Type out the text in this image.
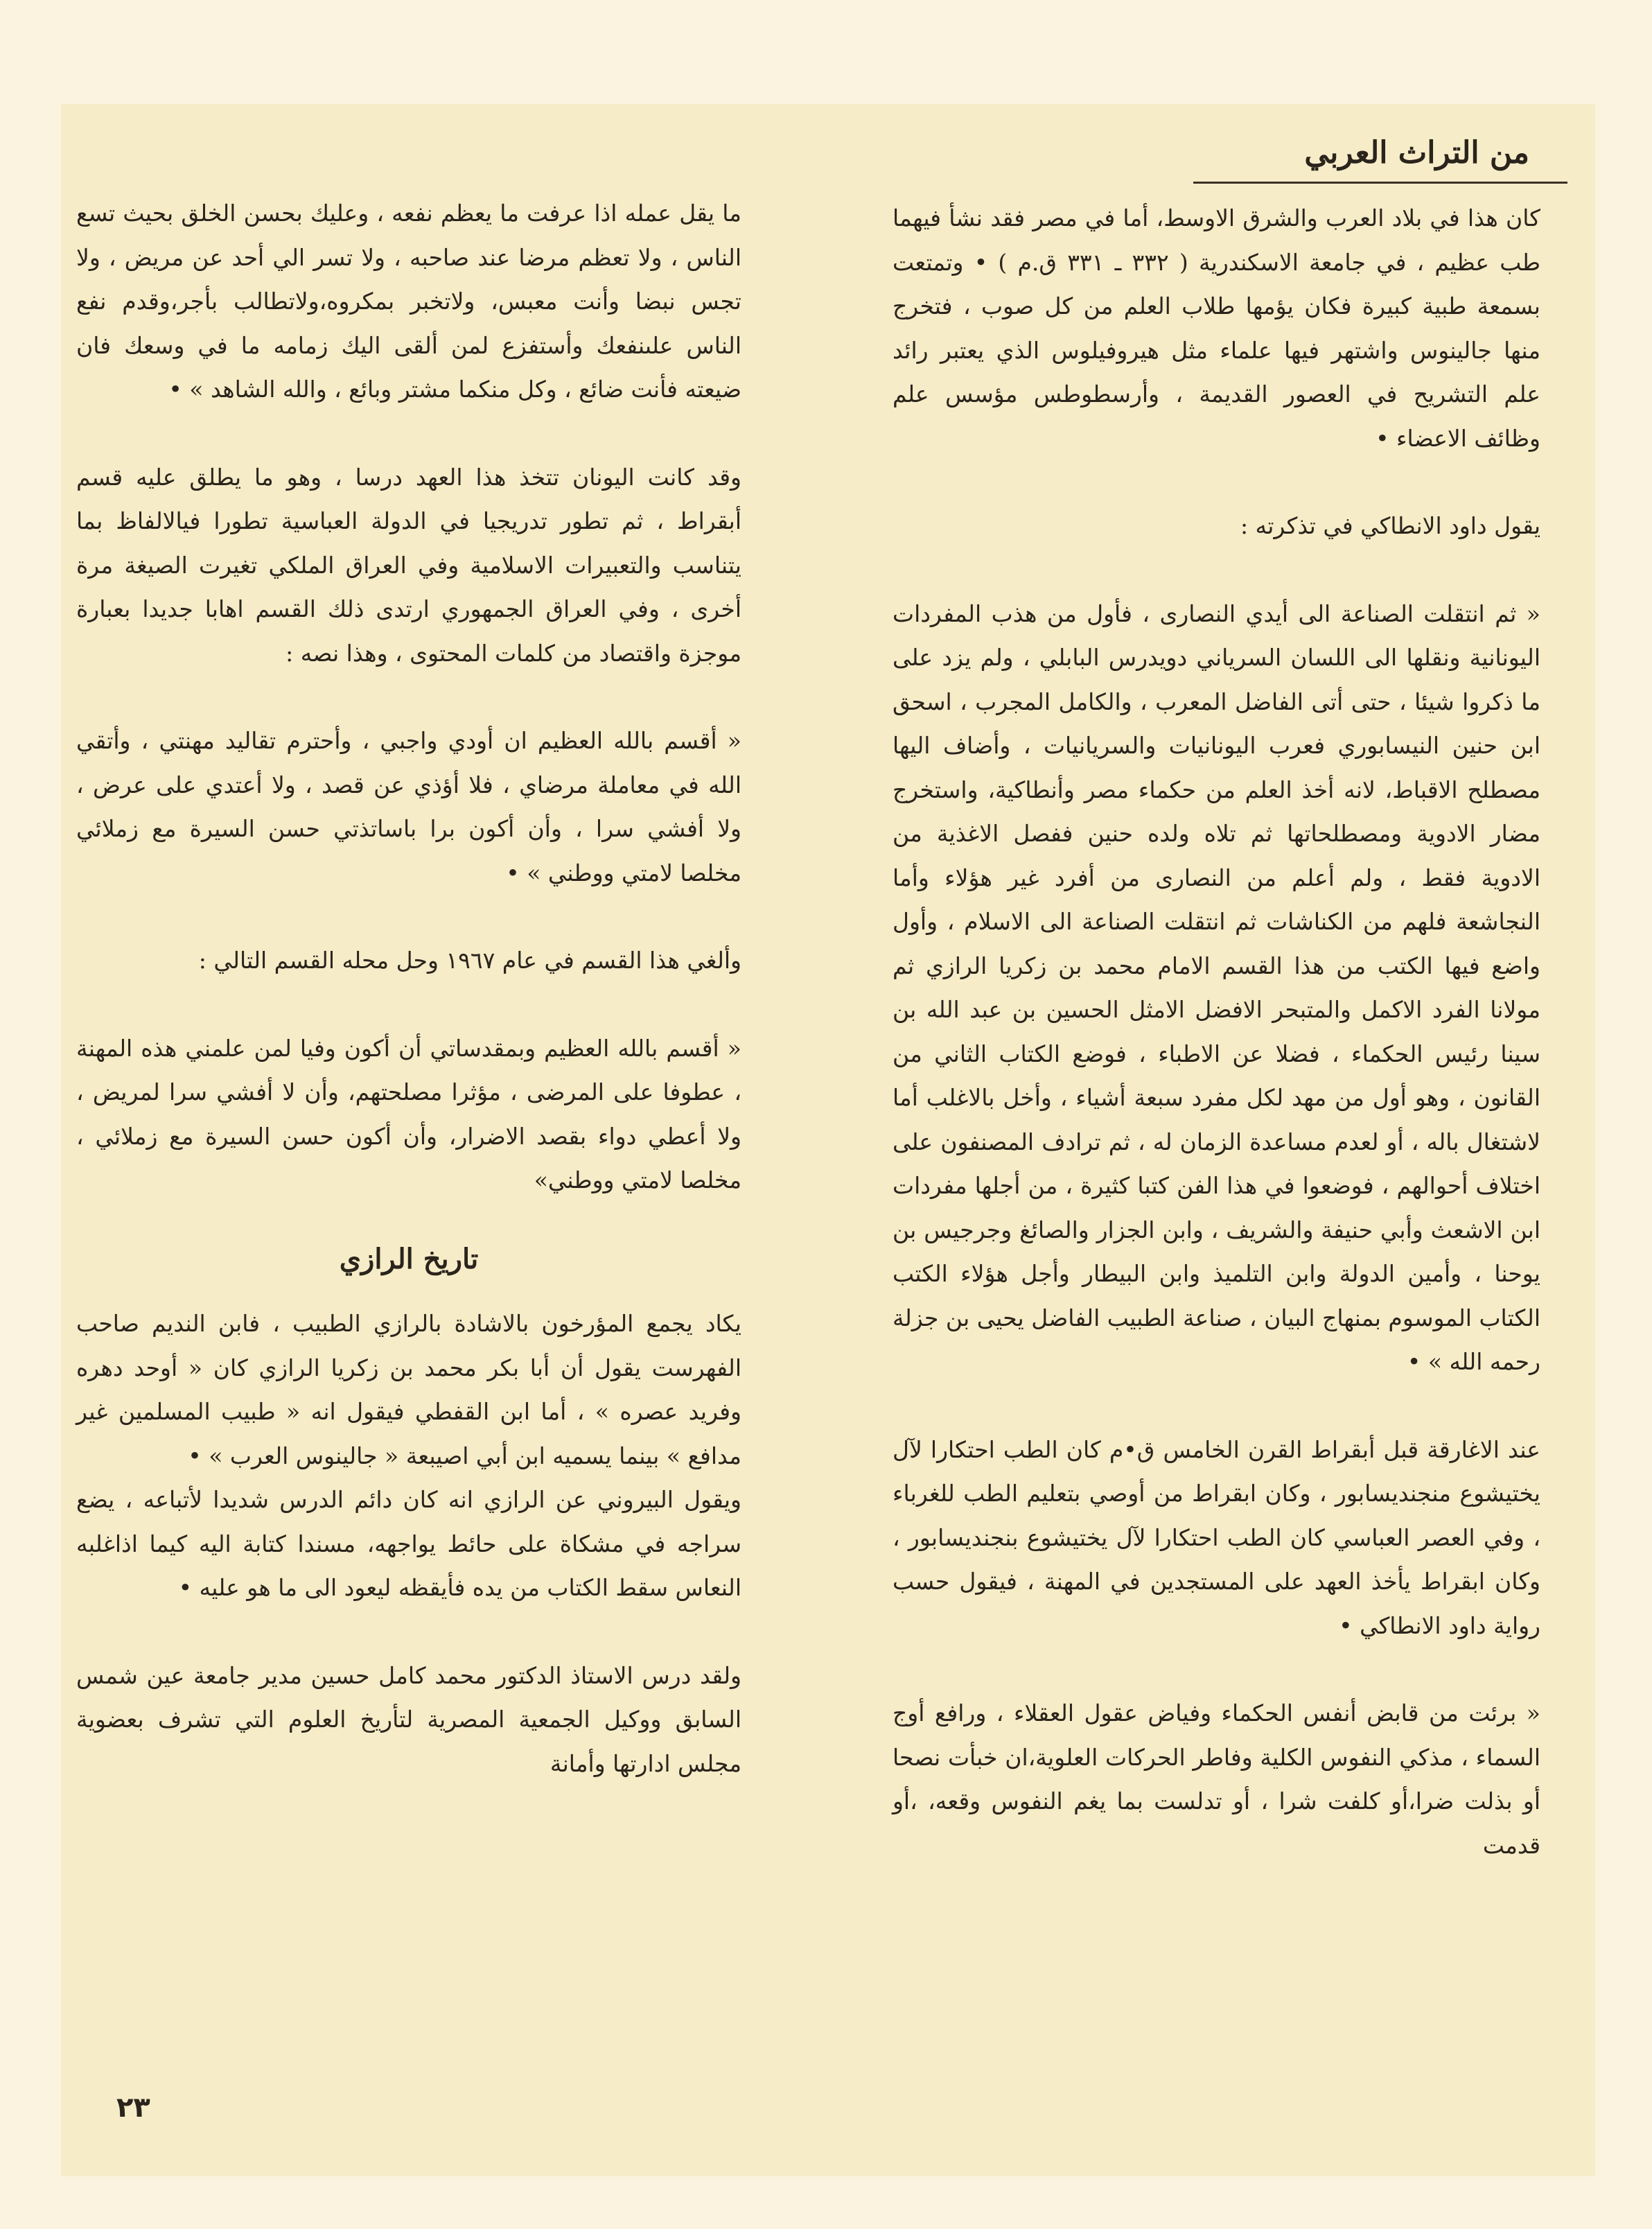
من التراث العربي

كان هذا في بلاد العرب والشرق الاوسط، أما في مصر فقد نشأ فيهما طب عظيم ، في جامعة الاسكندرية ( ٣٣٢ ـ ٣٣١ ق.م ) • وتمتعت بسمعة طبية كبيرة فكان يؤمها طلاب العلم من كل صوب ، فتخرج منها جالينوس واشتهر فيها علماء مثل هيروفيلوس الذي يعتبر رائد علم التشريح في العصور القديمة ، وأرسطوطس مؤسس علم وظائف الاعضاء •

يقول داود الانطاكي في تذكرته :

« ثم انتقلت الصناعة الى أيدي النصارى ، فأول من هذب المفردات اليونانية ونقلها الى اللسان السرياني دويدرس البابلي ، ولم يزد على ما ذكروا شيئا ، حتى أتى الفاضل المعرب ، والكامل المجرب ، اسحق ابن حنين النيسابوري فعرب اليونانيات والسريانيات ، وأضاف اليها مصطلح الاقباط، لانه أخذ العلم من حكماء مصر وأنطاكية، واستخرج مضار الادوية ومصطلحاتها ثم تلاه ولده حنين ففصل الاغذية من الادوية فقط ، ولم أعلم من النصارى من أفرد غير هؤلاء وأما النجاشعة فلهم من الكناشات ثم انتقلت الصناعة الى الاسلام ، وأول واضع فيها الكتب من هذا القسم الامام محمد بن زكريا الرازي ثم مولانا الفرد الاكمل والمتبحر الافضل الامثل الحسين بن عبد الله بن سينا رئيس الحكماء ، فضلا عن الاطباء ، فوضع الكتاب الثاني من القانون ، وهو أول من مهد لكل مفرد سبعة أشياء ، وأخل بالاغلب أما لاشتغال باله ، أو لعدم مساعدة الزمان له ، ثم ترادف المصنفون على اختلاف أحوالهم ، فوضعوا في هذا الفن كتبا كثيرة ، من أجلها مفردات ابن الاشعث وأبي حنيفة والشريف ، وابن الجزار والصائغ وجرجيس بن يوحنا ، وأمين الدولة وابن التلميذ وابن البيطار وأجل هؤلاء الكتب الكتاب الموسوم بمنهاج البيان ، صناعة الطبيب الفاضل يحيى بن جزلة رحمه الله » •

عند الاغارقة قبل أبقراط القرن الخامس ق•م كان الطب احتكارا لآل يختيشوع منجنديسابور ، وكان ابقراط من أوصي بتعليم الطب للغرباء ، وفي العصر العباسي كان الطب احتكارا لآل يختيشوع بنجنديسابور ، وكان ابقراط يأخذ العهد على المستجدين في المهنة ، فيقول حسب رواية داود الانطاكي •

« برئت من قابض أنفس الحكماء وفياض عقول العقلاء ، ورافع أوج السماء ، مذكي النفوس الكلية وفاطر الحركات العلوية،ان خبأت نصحا أو بذلت ضرا،أو كلفت شرا ، أو تدلست بما يغم النفوس وقعه، ،أو قدمت

ما يقل عمله اذا عرفت ما يعظم نفعه ، وعليك بحسن الخلق بحيث تسع الناس ، ولا تعظم مرضا عند صاحبه ، ولا تسر الي أحد عن مريض ، ولا تجس نبضا وأنت معبس، ولاتخبر بمكروه،ولاتطالب بأجر،وقدم نفع الناس علىنفعك وأستفزع لمن ألقى اليك زمامه ما في وسعك فان ضيعته فأنت ضائع ، وكل منكما مشتر وبائع ، والله الشاهد » •

وقد كانت اليونان تتخذ هذا العهد درسا ، وهو ما يطلق عليه قسم أبقراط ، ثم تطور تدريجيا في الدولة العباسية تطورا فيالالفاظ بما يتناسب والتعبيرات الاسلامية وفي العراق الملكي تغيرت الصيغة مرة أخرى ، وفي العراق الجمهوري ارتدى ذلك القسم اهابا جديدا بعبارة موجزة واقتصاد من كلمات المحتوى ، وهذا نصه :

« أقسم بالله العظيم ان أودي واجبي ، وأحترم تقاليد مهنتي ، وأتقي الله في معاملة مرضاي ، فلا أؤذي عن قصد ، ولا أعتدي على عرض ، ولا أفشي سرا ، وأن أكون برا باساتذتي حسن السيرة مع زملائي مخلصا لامتي ووطني » •

وألغي هذا القسم في عام ١٩٦٧ وحل محله القسم التالي :

« أقسم بالله العظيم وبمقدساتي أن أكون وفيا لمن علمني هذه المهنة ، عطوفا على المرضى ، مؤثرا مصلحتهم، وأن لا أفشي سرا لمريض ، ولا أعطي دواء بقصد الاضرار، وأن أكون حسن السيرة مع زملائي ، مخلصا لامتي ووطني»

تاريخ الرازي

يكاد يجمع المؤرخون بالاشادة بالرازي الطبيب ، فابن النديم صاحب الفهرست يقول أن أبا بكر محمد بن زكريا الرازي كان « أوحد دهره وفريد عصره » ، أما ابن القفطي فيقول انه « طبيب المسلمين غير مدافع » بينما يسميه ابن أبي اصيبعة « جالينوس العرب » •

ويقول البيروني عن الرازي انه كان دائم الدرس شديدا لأتباعه ، يضع سراجه في مشكاة على حائط يواجهه، مسندا كتابة اليه كيما اذاغلبه النعاس سقط الكتاب من يده فأيقظه ليعود الى ما هو عليه •

ولقد درس الاستاذ الدكتور محمد كامل حسين مدير جامعة عين شمس السابق ووكيل الجمعية المصرية لتأريخ العلوم التي تشرف بعضوية مجلس ادارتها وأمانة

٢٣
